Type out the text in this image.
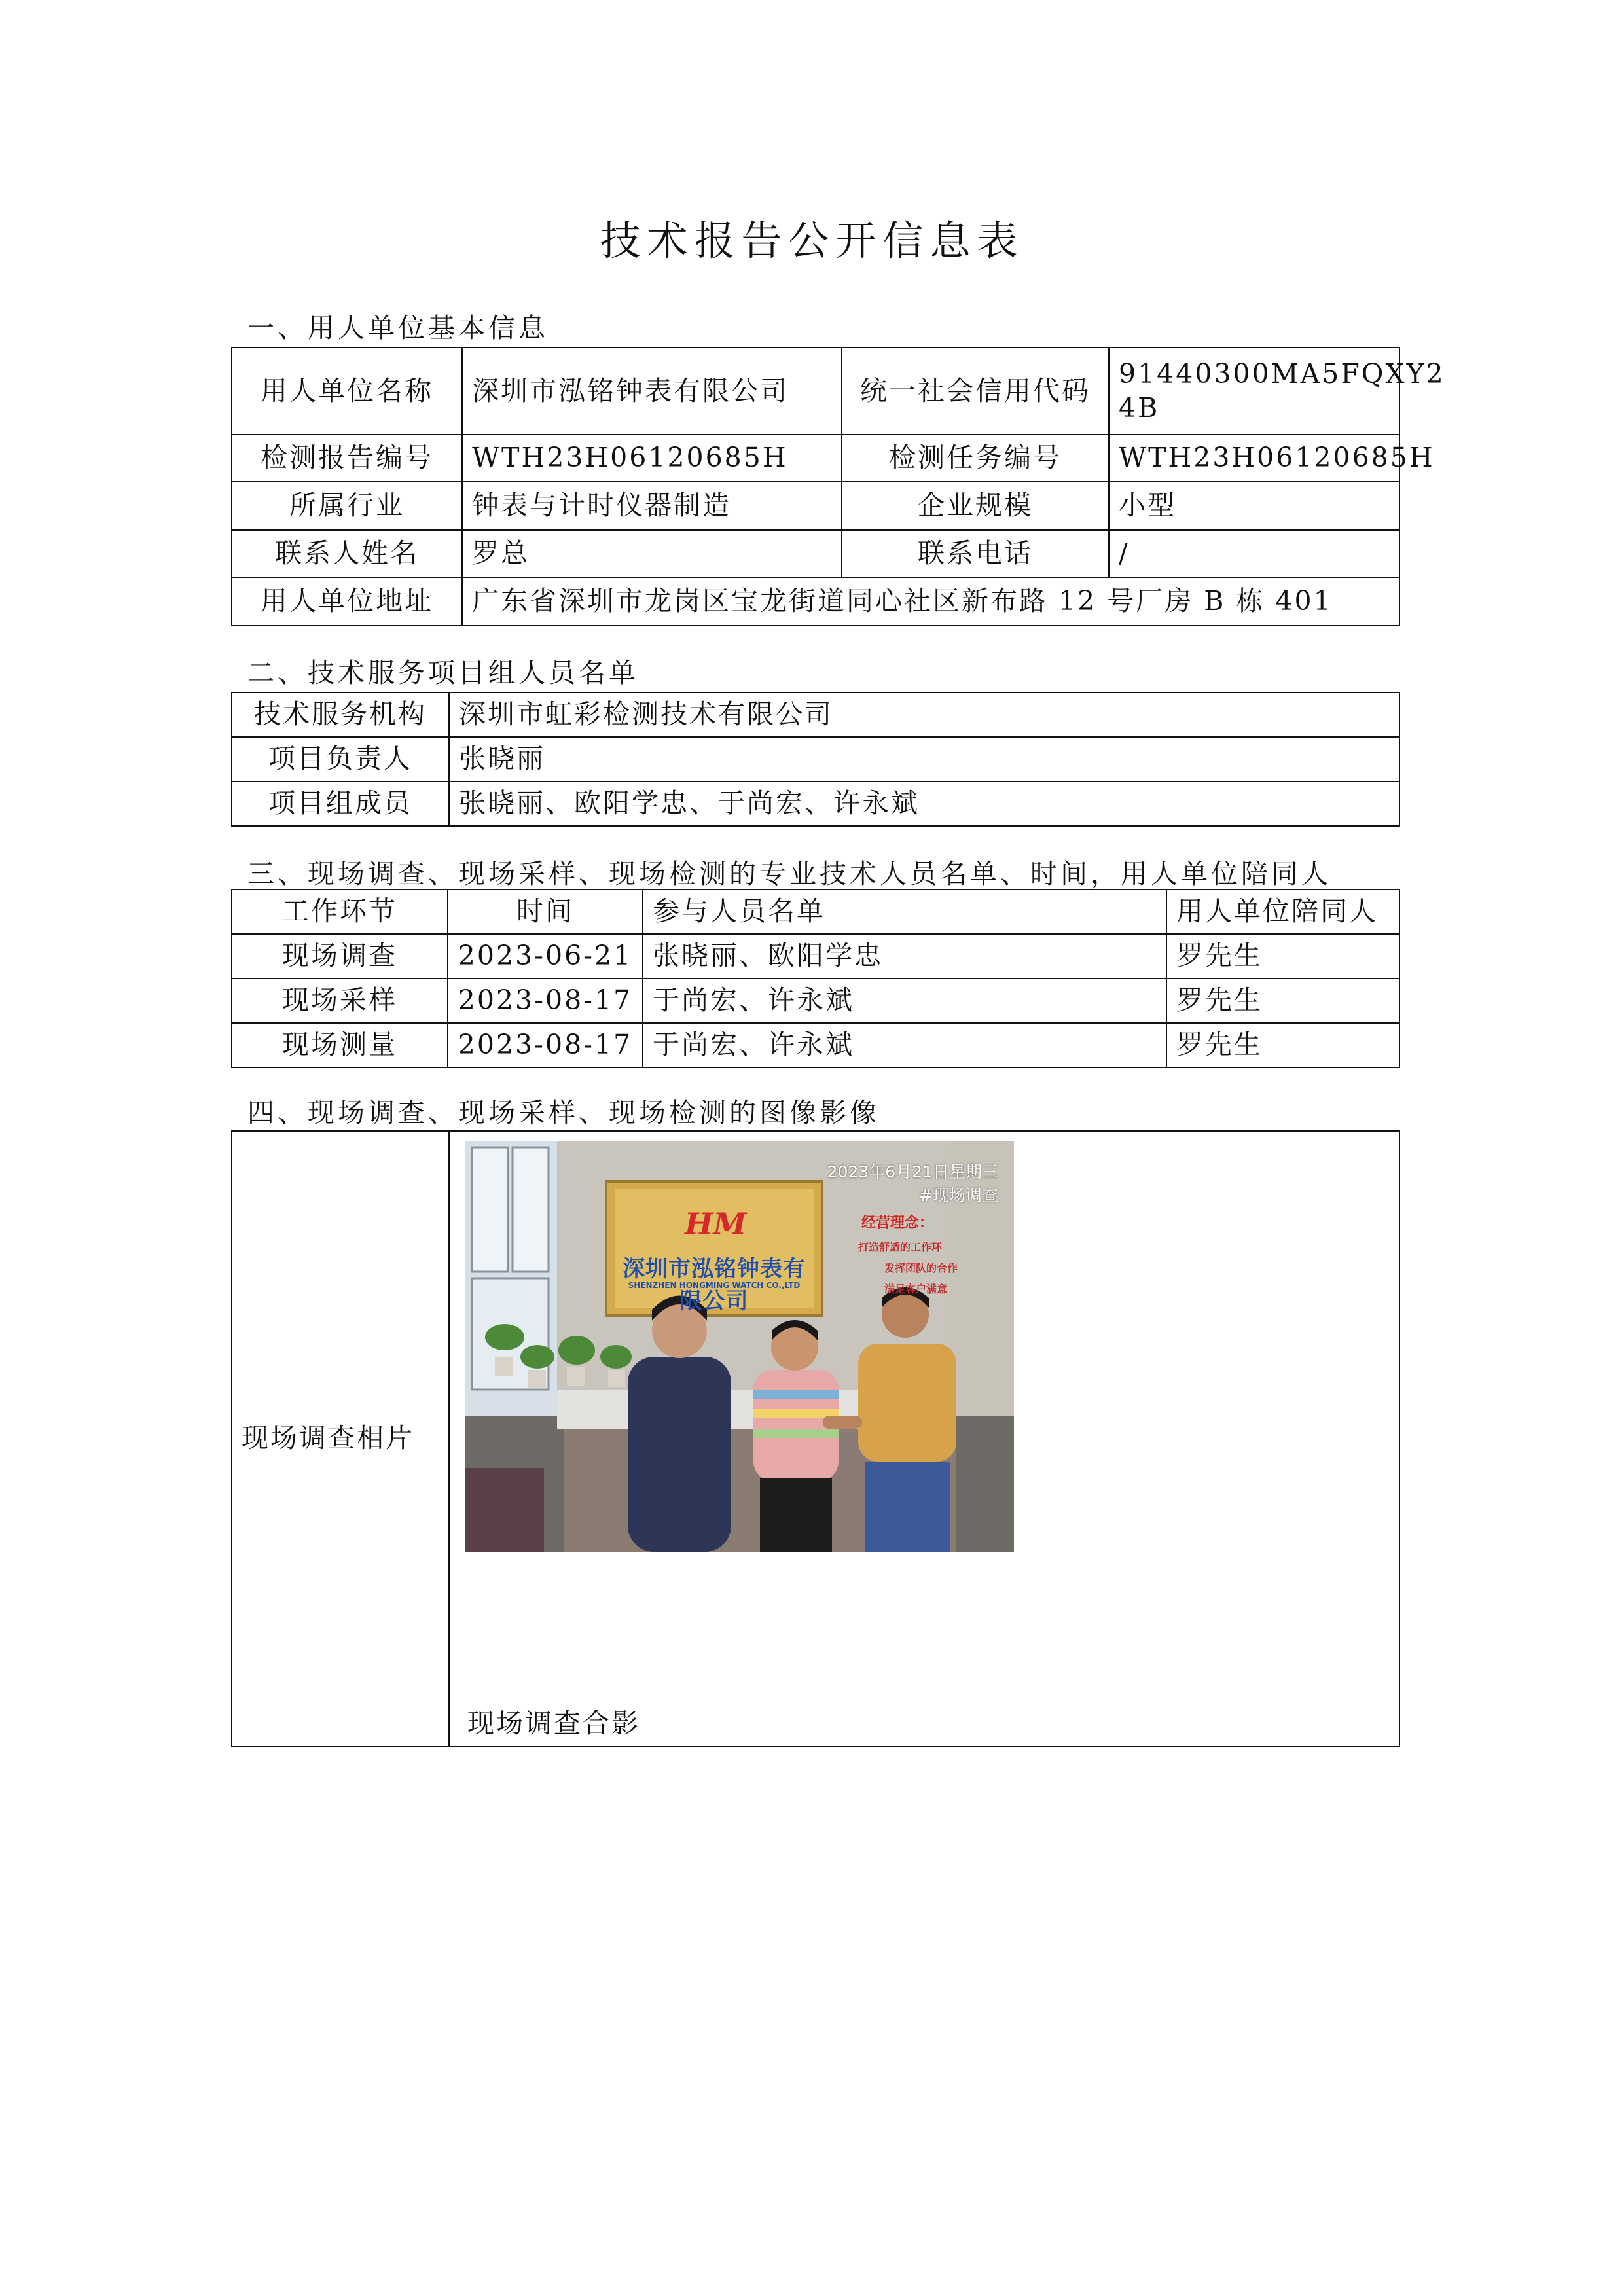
技术报告公开信息表
一、用人单位基本信息
用人单位名称	深圳市泓铭钟表有限公司	统一社会信用代码	91440300MA5FQXY2
4B
检测报告编号	WTH23H06120685H	检测任务编号	WTH23H06120685H
所属行业	钟表与计时仪器制造	企业规模	小型
联系人姓名	罗总	联系电话	/
用人单位地址	广东省深圳市龙岗区宝龙街道同心社区新布路 12 号厂房 B 栋 401		
二、技术服务项目组人员名单
技术服务机构	深圳市虹彩检测技术有限公司
项目负责人	张晓丽
项目组成员	张晓丽、欧阳学忠、于尚宏、许永斌
三、现场调查、现场采样、现场检测的专业技术人员名单、时间，用人单位陪同人
工作环节	时间	参与人员名单	用人单位陪同人
现场调查	2023-06-21	张晓丽、欧阳学忠	罗先生
现场采样	2023-08-17	于尚宏、许永斌	罗先生
现场测量	2023-08-17	于尚宏、许永斌	罗先生
四、现场调查、现场采样、现场检测的图像影像
现场调查相片	
HM
深圳市泓铭钟表有限公司
SHENZHEN HONGMING WATCH CO.,LTD
经营理念：
打造舒适的工作环
发挥团队的合作
满足客户满意
2023年6月21日星期三
#现场调查
现场调查合影
